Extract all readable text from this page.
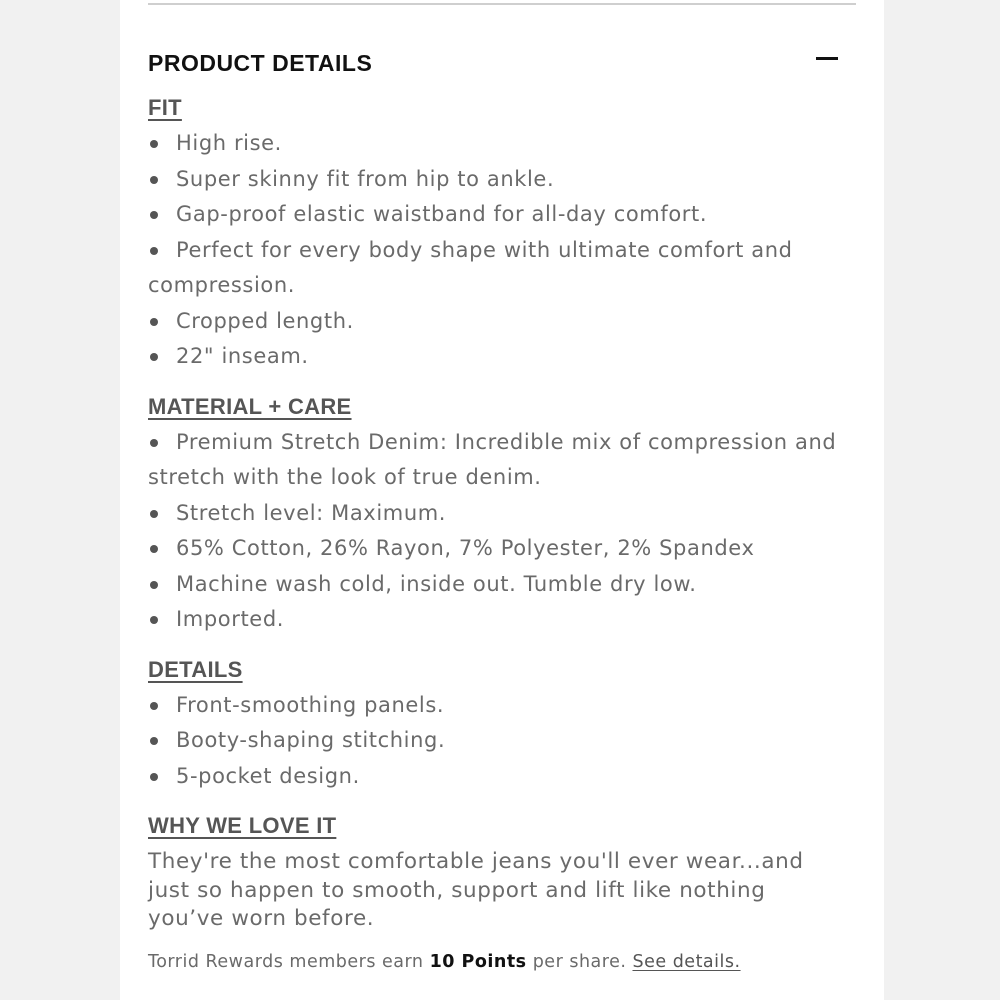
PRODUCT DETAILS
FIT
High rise.
Super skinny fit from hip to ankle.
Gap-proof elastic waistband for all-day comfort.
Perfect for every body shape with ultimate comfort and compression.
Cropped length.
22" inseam.
MATERIAL + CARE
Premium Stretch Denim: Incredible mix of compression and stretch with the look of true denim.
Stretch level: Maximum.
65% Cotton, 26% Rayon, 7% Polyester, 2% Spandex
Machine wash cold, inside out. Tumble dry low.
Imported.
DETAILS
Front-smoothing panels.
Booty-shaping stitching.
5-pocket design.
WHY WE LOVE IT

They're the most comfortable jeans you'll ever wear...and just so happen to smooth, support and lift like nothing you’ve worn before.

Torrid Rewards members earn 10 Points per share. See details.
